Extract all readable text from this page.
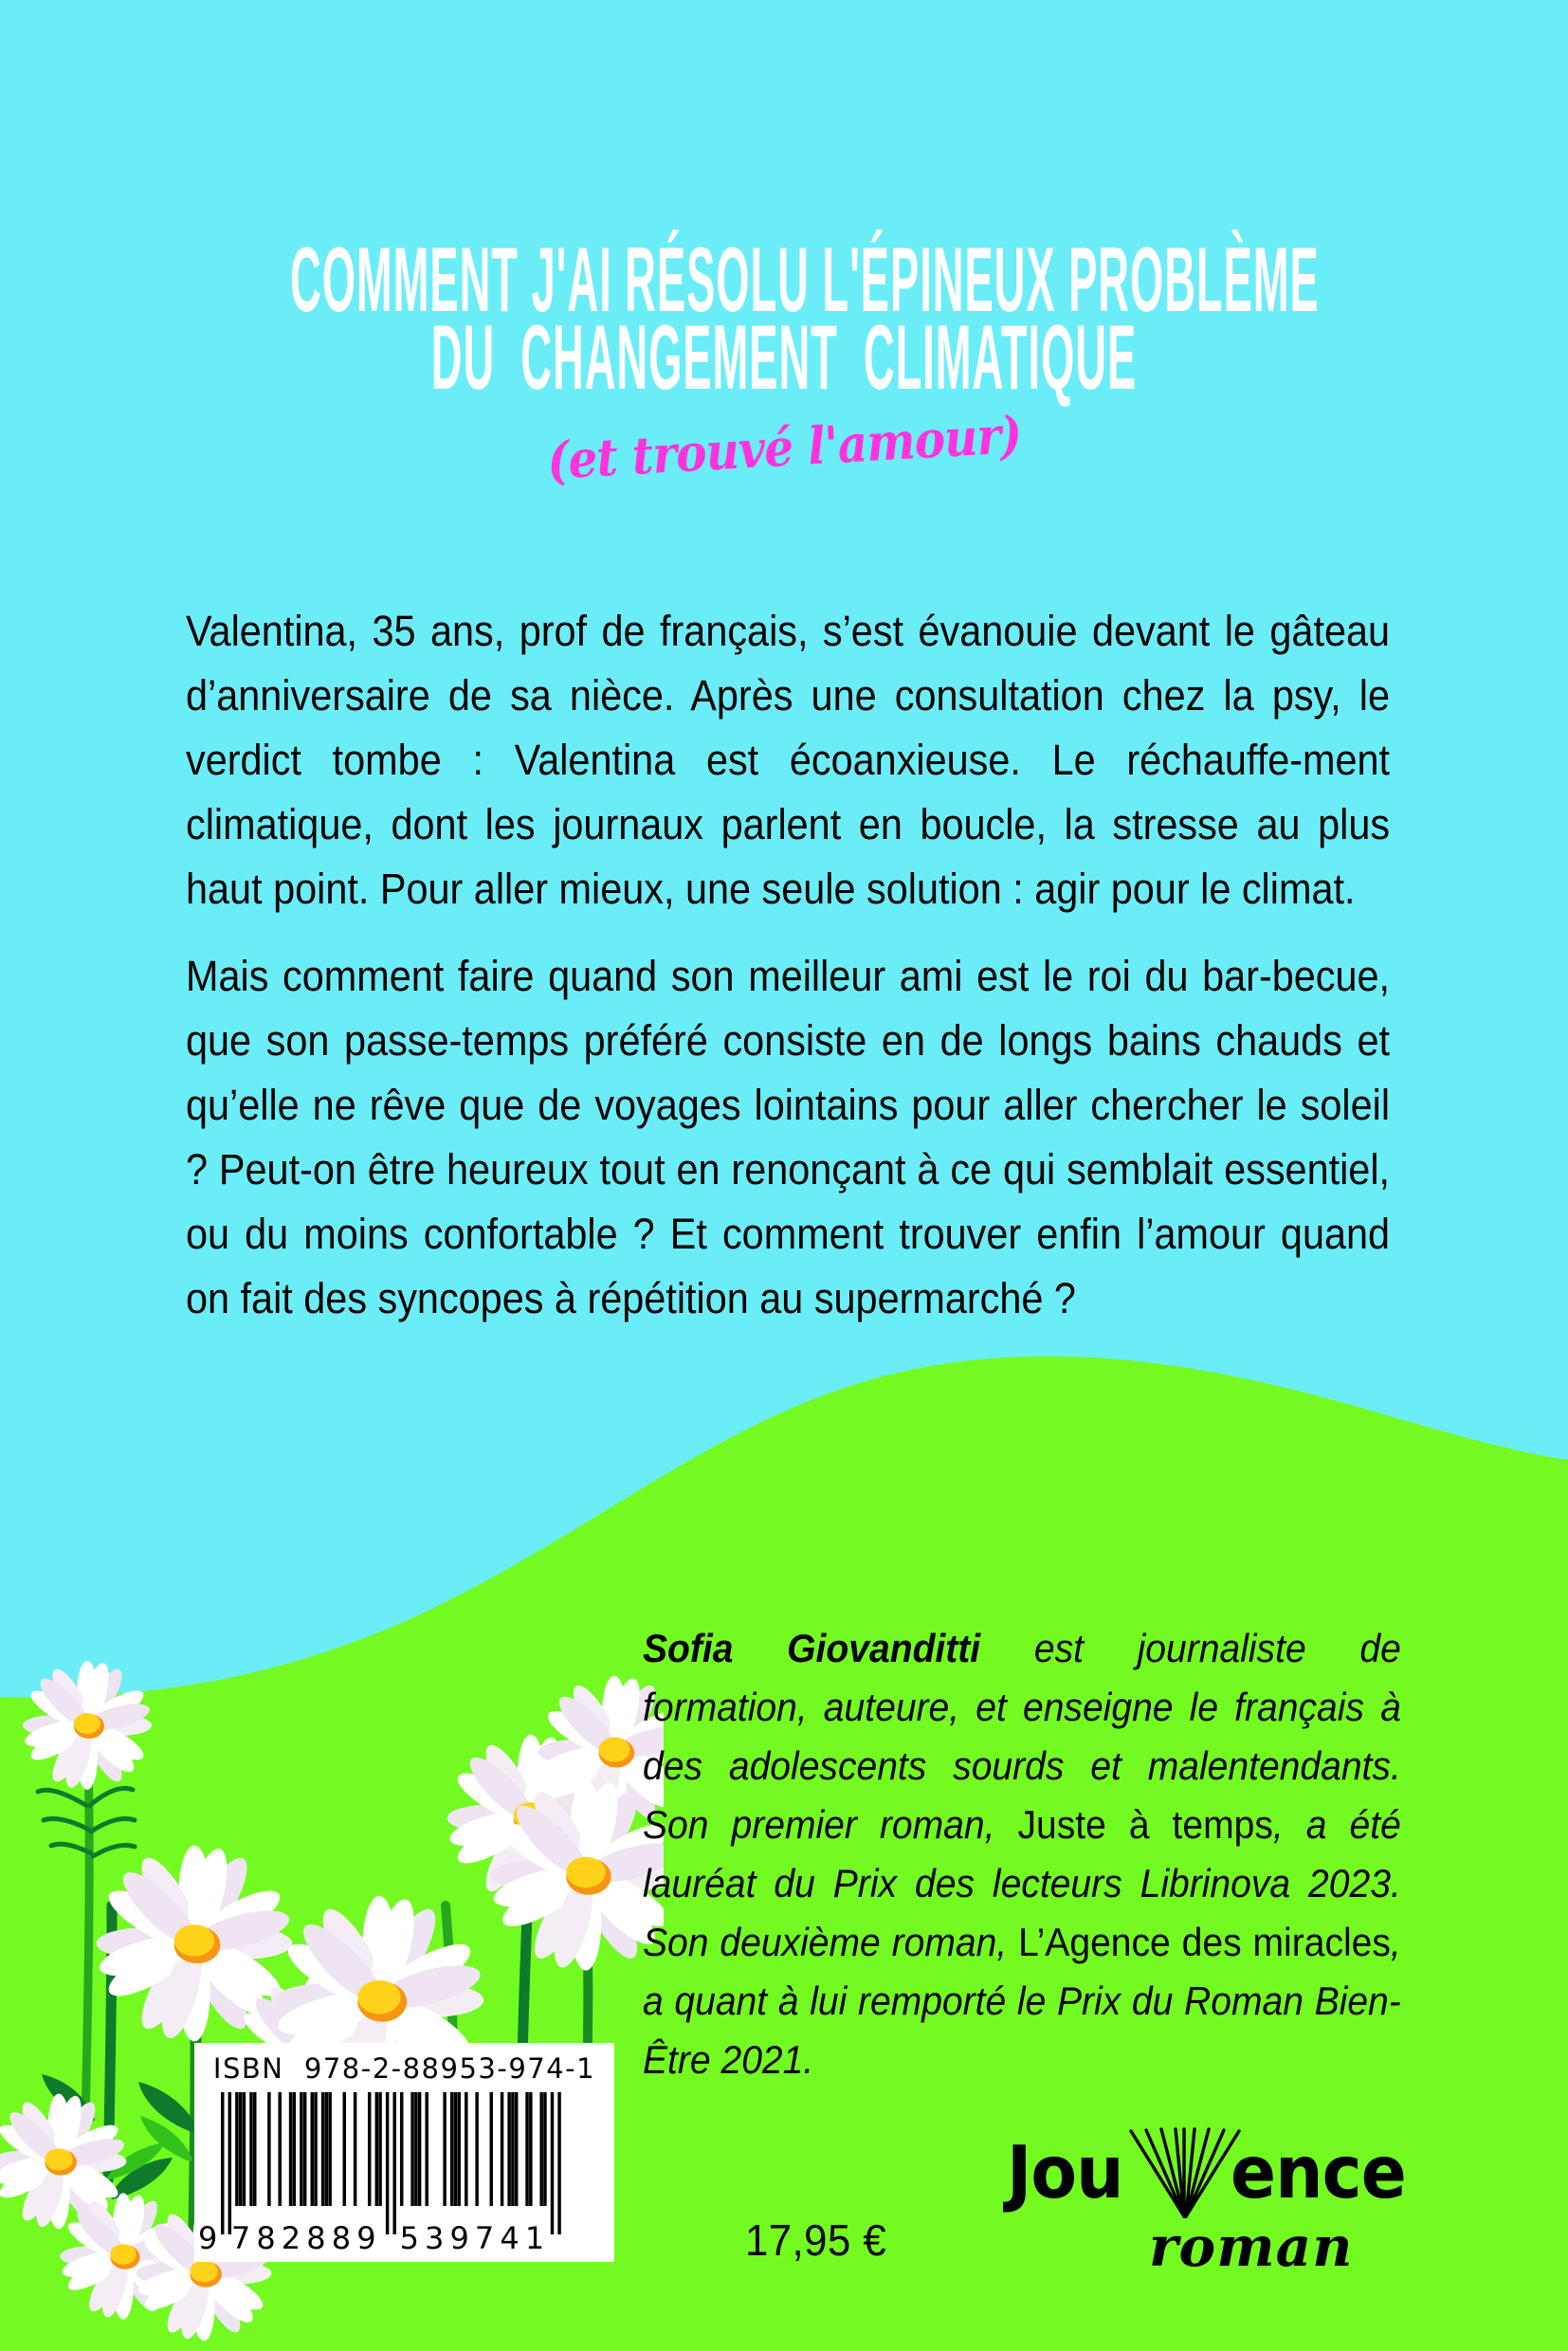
COMMENT J'AI RÉSOLU L'ÉPINEUX PROBLÈME
DU  CHANGEMENT  CLIMATIQUE
(et trouvé l'amour)

Valentina, 35 ans, prof de français, s’est évanouie devant le gâteau d’anniversaire de sa nièce. Après une consultation chez la psy, le verdict tombe : Valentina est écoanxieuse. Le réchauffe-ment climatique, dont les journaux parlent en boucle, la stresse au plus haut point. Pour aller mieux, une seule solution : agir pour le climat.

Mais comment faire quand son meilleur ami est le roi du bar-becue, que son passe-temps préféré consiste en de longs bains chauds et qu’elle ne rêve que de voyages lointains pour aller chercher le soleil ? Peut-on être heureux tout en renonçant à ce qui semblait essentiel, ou du moins confortable ? Et comment trouver enfin l’amour quand on fait des syncopes à répétition au supermarché ?

Sofia Giovanditti est journaliste de formation, auteure, et enseigne le français à des adolescents sourds et malentendants. Son premier roman, Juste à temps, a été lauréat du Prix des lecteurs Librinova 2023. Son deuxième roman, L’Agence des miracles, a quant à lui remporté le Prix du Roman Bien-Être 2021.
17,95 €
Jou ence
roman
ISBN  978-2-88953-974-1
9 7 8 2 8 8 9 5 3 9 7 4 1
